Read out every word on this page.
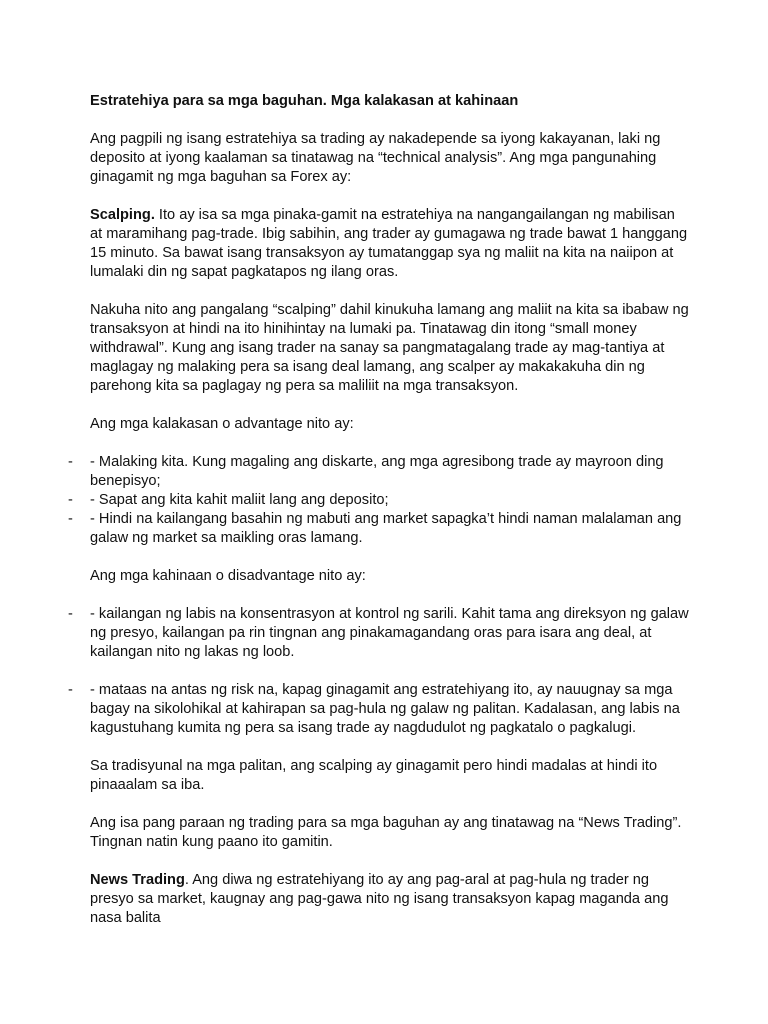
Estratehiya para sa mga baguhan. Mga kalakasan at kahinaan

Ang pagpili ng isang estratehiya sa trading ay nakadepende sa iyong kakayanan, laki ng deposito at iyong kaalaman sa tinatawag na “technical analysis”. Ang mga pangunahing ginagamit ng mga baguhan sa Forex ay:

Scalping. Ito ay isa sa mga pinaka-gamit na estratehiya na nangangailangan ng mabilisan at maramihang pag-trade. Ibig sabihin, ang trader ay gumagawa ng trade bawat 1 hanggang 15 minuto. Sa bawat isang transaksyon ay tumatanggap sya ng maliit na kita na naiipon at lumalaki din ng sapat pagkatapos ng ilang oras.

Nakuha nito ang pangalang “scalping” dahil kinukuha lamang ang maliit na kita sa ibabaw ng transaksyon at hindi na ito hinihintay na lumaki pa. Tinatawag din itong “small money withdrawal”. Kung ang isang trader na sanay sa pangmatagalang trade ay mag-tantiya at maglagay ng malaking pera sa isang deal lamang, ang scalper ay makakakuha din ng parehong kita sa paglagay ng pera sa maliliit na mga transaksyon.

Ang mga kalakasan o advantage nito ay:

- - Malaking kita. Kung magaling ang diskarte, ang mga agresibong trade ay mayroon ding benepisyo;
- - Sapat ang kita kahit maliit lang ang deposito;
- - Hindi na kailangang basahin ng mabuti ang market sapagka’t hindi naman malalaman ang galaw ng market sa maikling oras lamang.

Ang mga kahinaan o disadvantage nito ay:

- - kailangan ng labis na konsentrasyon at kontrol ng sarili. Kahit tama ang direksyon ng galaw ng presyo, kailangan pa rin tingnan ang pinakamagandang oras para isara ang deal, at kailangan nito ng lakas ng loob.
- - mataas na antas ng risk na, kapag ginagamit ang estratehiyang ito, ay nauugnay sa mga bagay na sikolohikal at kahirapan sa pag-hula ng galaw ng palitan. Kadalasan, ang labis na kagustuhang kumita ng pera sa isang trade ay nagdudulot ng pagkatalo o pagkalugi.

Sa tradisyunal na mga palitan, ang scalping ay ginagamit pero hindi madalas at hindi ito pinaaalam sa iba.

Ang isa pang paraan ng trading para sa mga baguhan ay ang tinatawag na “News Trading”. Tingnan natin kung paano ito gamitin.

News Trading. Ang diwa ng estratehiyang ito ay ang pag-aral at pag-hula ng trader ng presyo sa market, kaugnay ang pag-gawa nito ng isang transaksyon kapag maganda ang nasa balita
